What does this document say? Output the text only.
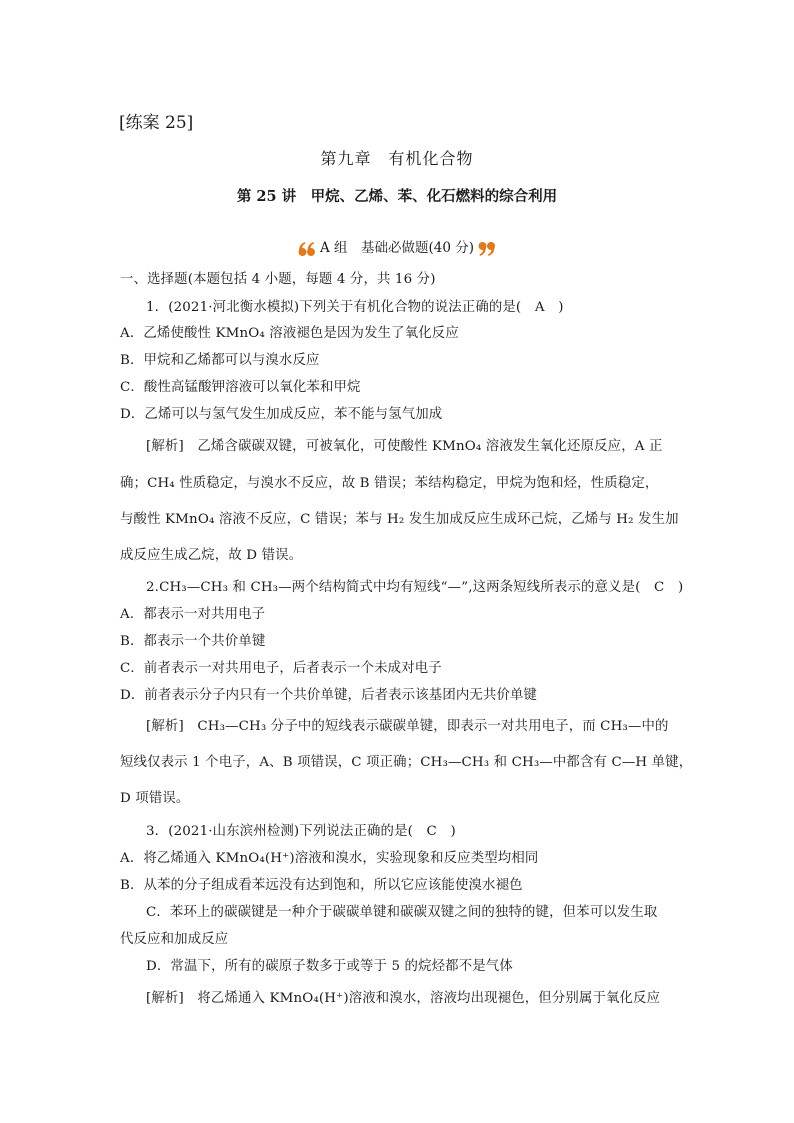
[练案 25]
第九章　有机化合物
第 25 讲　甲烷、乙烯、苯、化石燃料的综合利用
A 组　基础必做题(40 分)
一、选择题(本题包括 4 小题，每题 4 分，共 16 分)
1．(2021·河北衡水模拟)下列关于有机化合物的说法正确的是(　A　)
A．乙烯使酸性 KMnO₄ 溶液褪色是因为发生了氧化反应
B．甲烷和乙烯都可以与溴水反应
C．酸性高锰酸钾溶液可以氧化苯和甲烷
D．乙烯可以与氢气发生加成反应，苯不能与氢气加成
[解析]　乙烯含碳碳双键，可被氧化，可使酸性 KMnO₄ 溶液发生氧化还原反应，A 正
确；CH₄ 性质稳定，与溴水不反应，故 B 错误；苯结构稳定，甲烷为饱和烃，性质稳定，
与酸性 KMnO₄ 溶液不反应，C 错误；苯与 H₂ 发生加成反应生成环己烷，乙烯与 H₂ 发生加
成反应生成乙烷，故 D 错误。
2.CH₃—CH₃ 和 CH₃—两个结构简式中均有短线“—”,这两条短线所表示的意义是(　C　)
A．都表示一对共用电子
B．都表示一个共价单键
C．前者表示一对共用电子，后者表示一个未成对电子
D．前者表示分子内只有一个共价单键，后者表示该基团内无共价单键
[解析]　CH₃—CH₃ 分子中的短线表示碳碳单键，即表示一对共用电子，而 CH₃—中的
短线仅表示 1 个电子，A、B 项错误，C 项正确；CH₃—CH₃ 和 CH₃—中都含有 C—H 单键，
D 项错误。
3．(2021·山东滨州检测)下列说法正确的是(　C　)
A．将乙烯通入 KMnO₄(H⁺)溶液和溴水，实验现象和反应类型均相同
B．从苯的分子组成看苯远没有达到饱和，所以它应该能使溴水褪色
C．苯环上的碳碳键是一种介于碳碳单键和碳碳双键之间的独特的键，但苯可以发生取
代反应和加成反应
D．常温下，所有的碳原子数多于或等于 5 的烷烃都不是气体
[解析]　将乙烯通入 KMnO₄(H⁺)溶液和溴水，溶液均出现褪色，但分别属于氧化反应
